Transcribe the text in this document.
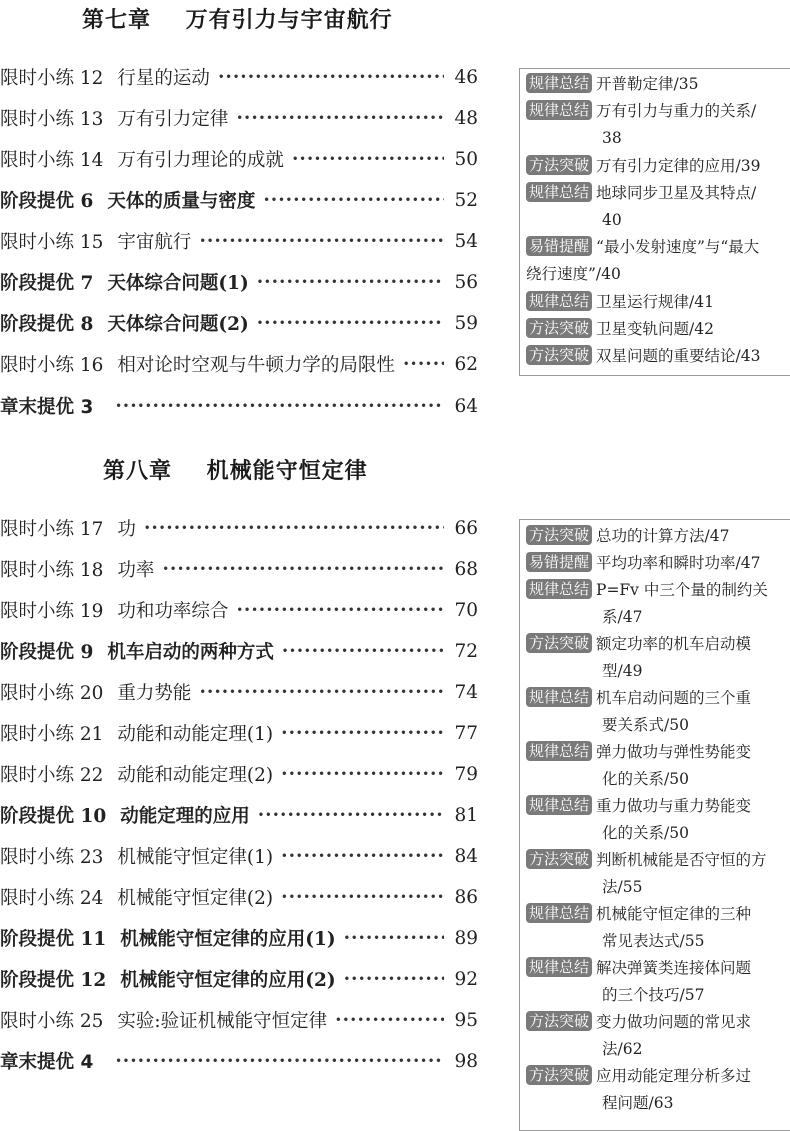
第七章    万有引力与宇宙航行
限时小练 12 行星的运动 ·····	46
限时小练 13 万有引力定律 ·····	48
限时小练 14 万有引力理论的成就 ·····	50
阶段提优 6 天体的质量与密度 ·····	52
限时小练 15 宇宙航行 ·····	54
阶段提优 7 天体综合问题(1) ·····	56
阶段提优 8 天体综合问题(2) ·····	59
限时小练 16 相对论时空观与牛顿力学的局限性 ·····	62
章末提优 3 ·····	64
规律总结 开普勒定律/35
规律总结 万有引力与重力的关系/
38
方法突破 万有引力定律的应用/39
规律总结 地球同步卫星及其特点/
40
易错提醒 “最小发射速度”与“最大
绕行速度”/40
规律总结 卫星运行规律/41
方法突破 卫星变轨问题/42
方法突破 双星问题的重要结论/43
第八章    机械能守恒定律
限时小练 17 功 ·····	66
限时小练 18 功率 ·····	68
限时小练 19 功和功率综合 ·····	70
阶段提优 9 机车启动的两种方式 ·····	72
限时小练 20 重力势能 ·····	74
限时小练 21 动能和动能定理(1) ·····	77
限时小练 22 动能和动能定理(2) ·····	79
阶段提优 10 动能定理的应用 ·····	81
限时小练 23 机械能守恒定律(1) ·····	84
限时小练 24 机械能守恒定律(2) ·····	86
阶段提优 11 机械能守恒定律的应用(1) ·····	89
阶段提优 12 机械能守恒定律的应用(2) ·····	92
限时小练 25 实验:验证机械能守恒定律 ·····	95
章末提优 4 ·····	98
方法突破 总功的计算方法/47
易错提醒 平均功率和瞬时功率/47
规律总结 P=Fv 中三个量的制约关
系/47
方法突破 额定功率的机车启动模
型/49
规律总结 机车启动问题的三个重
要关系式/50
规律总结 弹力做功与弹性势能变
化的关系/50
规律总结 重力做功与重力势能变
化的关系/50
方法突破 判断机械能是否守恒的方
法/55
规律总结 机械能守恒定律的三种
常见表达式/55
规律总结 解决弹簧类连接体问题
的三个技巧/57
方法突破 变力做功问题的常见求
法/62
方法突破 应用动能定理分析多过
程问题/63
